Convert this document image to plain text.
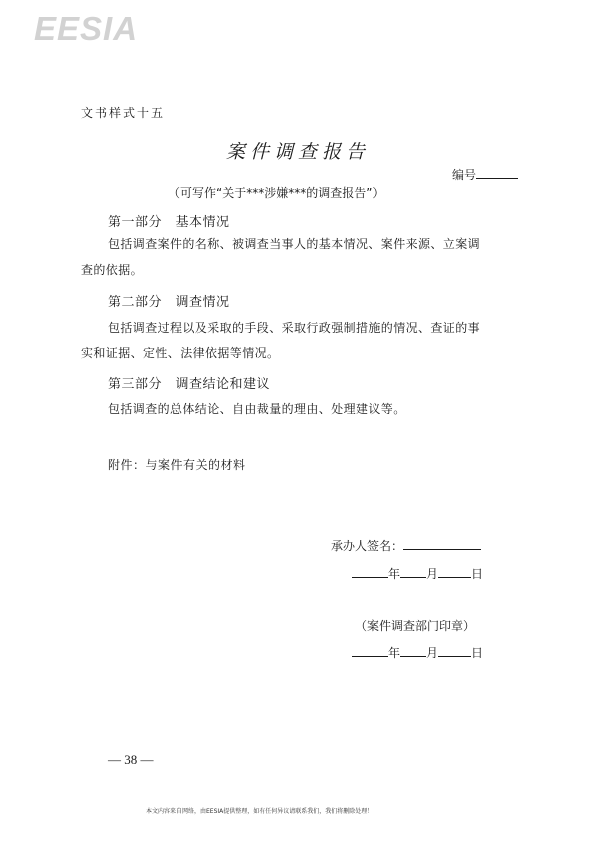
EESIA
文书样式十五
案件调查报告
编号
（可写作“关于***涉嫌***的调查报告”）
第一部分　基本情况
包括调查案件的名称、被调查当事人的基本情况、案件来源、立案调
查的依据。
第二部分　调查情况
包括调查过程以及采取的手段、采取行政强制措施的情况、查证的事
实和证据、定性、法律依据等情况。
第三部分　调查结论和建议
包括调查的总体结论、自由裁量的理由、处理建议等。
附件：与案件有关的材料
承办人签名：
年 月	日
（案件调查部门印章）
年 月	日
— 38 —
本文内容来自网络，由EESIA提供整理，如有任何异议请联系我们，我们将删除处理！
